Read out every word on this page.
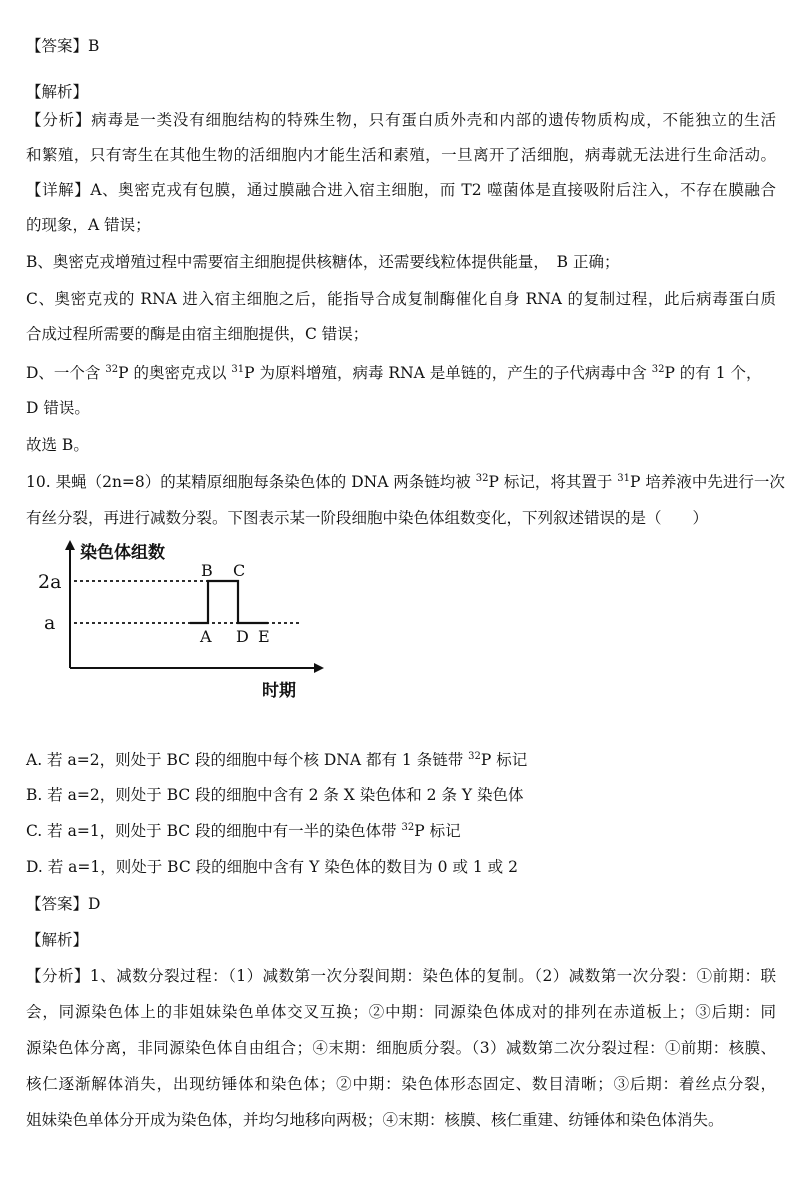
【答案】B
【解析】
【分析】病毒是一类没有细胞结构的特殊生物，只有蛋白质外壳和内部的遗传物质构成，不能独立的生活
和繁殖，只有寄生在其他生物的活细胞内才能生活和素殖，一旦离开了活细胞，病毒就无法进行生命活动。
【详解】A、奥密克戎有包膜，通过膜融合进入宿主细胞，而 T2 噬菌体是直接吸附后注入，不存在膜融合
的现象，A 错误；
B、奥密克戎增殖过程中需要宿主细胞提供核糖体，还需要线粒体提供能量，　B 正确；
C、奥密克戎的 RNA 进入宿主细胞之后，能指导合成复制酶催化自身 RNA 的复制过程，此后病毒蛋白质
合成过程所需要的酶是由宿主细胞提供，C 错误；
D、一个含 $^{32}$P 的奥密克戎以 $^{31}$P 为原料增殖，病毒 RNA 是单链的，产生的子代病毒中含 $^{32}$P 的有 1 个，
D 错误。
故选 B。
10. 果蝇（2n=8）的某精原细胞每条染色体的 DNA 两条链均被 $^{32}$P 标记，将其置于 $^{31}$P 培养液中先进行一次
有丝分裂，再进行减数分裂。下图表示某一阶段细胞中染色体组数变化，下列叙述错误的是（　　）
染色体组数
时期
2a
a
A
B C
D E
A. 若 a=2，则处于 BC 段的细胞中每个核 DNA 都有 1 条链带 $^{32}$P 标记
B. 若 a=2，则处于 BC 段的细胞中含有 2 条 X 染色体和 2 条 Y 染色体
C. 若 a=1，则处于 BC 段的细胞中有一半的染色体带 $^{32}$P 标记
D. 若 a=1，则处于 BC 段的细胞中含有 Y 染色体的数目为 0 或 1 或 2
【答案】D
【解析】
【分析】1、减数分裂过程：（1）减数第一次分裂间期：染色体的复制。（2）减数第一次分裂：①前期：联
会，同源染色体上的非姐妹染色单体交叉互换；②中期：同源染色体成对的排列在赤道板上；③后期：同
源染色体分离，非同源染色体自由组合；④末期：细胞质分裂。（3）减数第二次分裂过程：①前期：核膜、
核仁逐渐解体消失，出现纺锤体和染色体；②中期：染色体形态固定、数目清晰；③后期：着丝点分裂，
姐妹染色单体分开成为染色体，并均匀地移向两极；④末期：核膜、核仁重建、纺锤体和染色体消失。
